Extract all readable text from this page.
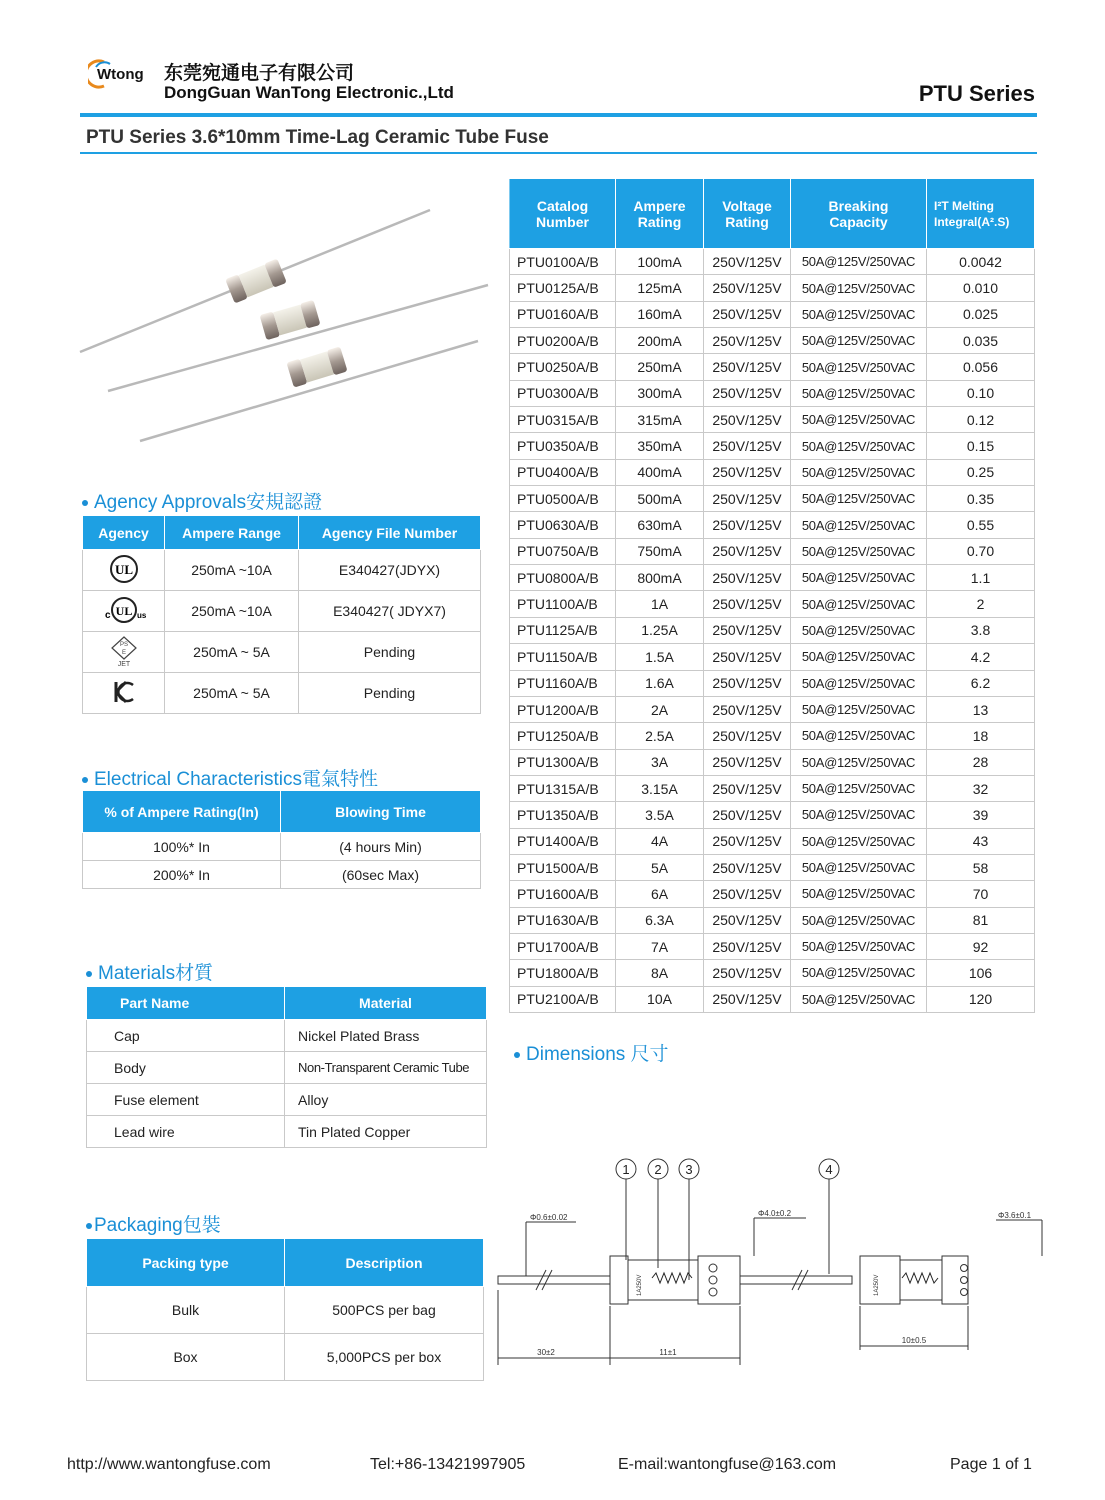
Wtong 东莞宛通电子有限公司
DongGuan WanTong Electronic.,Ltd	PTU Series
PTU Series 3.6*10mm Time-Lag Ceramic Tube Fuse
Catalog Number	Ampere Rating	Voltage Rating	Breaking Capacity	I²T Melting Integral(A².S)
PTU0100A/B	100mA	250V/125V	50A@125V/250VAC	0.0042
PTU0125A/B	125mA	250V/125V	50A@125V/250VAC	0.010
PTU0160A/B	160mA	250V/125V	50A@125V/250VAC	0.025
PTU0200A/B	200mA	250V/125V	50A@125V/250VAC	0.035
PTU0250A/B	250mA	250V/125V	50A@125V/250VAC	0.056
PTU0300A/B	300mA	250V/125V	50A@125V/250VAC	0.10
PTU0315A/B	315mA	250V/125V	50A@125V/250VAC	0.12
PTU0350A/B	350mA	250V/125V	50A@125V/250VAC	0.15
PTU0400A/B	400mA	250V/125V	50A@125V/250VAC	0.25
PTU0500A/B	500mA	250V/125V	50A@125V/250VAC	0.35
PTU0630A/B	630mA	250V/125V	50A@125V/250VAC	0.55
PTU0750A/B	750mA	250V/125V	50A@125V/250VAC	0.70
PTU0800A/B	800mA	250V/125V	50A@125V/250VAC	1.1
PTU1100A/B	1A	250V/125V	50A@125V/250VAC	2
PTU1125A/B	1.25A	250V/125V	50A@125V/250VAC	3.8
PTU1150A/B	1.5A	250V/125V	50A@125V/250VAC	4.2
PTU1160A/B	1.6A	250V/125V	50A@125V/250VAC	6.2
PTU1200A/B	2A	250V/125V	50A@125V/250VAC	13
PTU1250A/B	2.5A	250V/125V	50A@125V/250VAC	18
PTU1300A/B	3A	250V/125V	50A@125V/250VAC	28
PTU1315A/B	3.15A	250V/125V	50A@125V/250VAC	32
PTU1350A/B	3.5A	250V/125V	50A@125V/250VAC	39
PTU1400A/B	4A	250V/125V	50A@125V/250VAC	43
PTU1500A/B	5A	250V/125V	50A@125V/250VAC	58
PTU1600A/B	6A	250V/125V	50A@125V/250VAC	70
PTU1630A/B	6.3A	250V/125V	50A@125V/250VAC	81
PTU1700A/B	7A	250V/125V	50A@125V/250VAC	92
PTU1800A/B	8A	250V/125V	50A@125V/250VAC	106
PTU2100A/B	10A	250V/125V	50A@125V/250VAC	120
Agency Approvals安規認證
Agency	Ampere Range	Agency File Number

UL	250mA ~10A	E340427(JDYX)

c UL us	250mA ~10A	E340427( JDYX7)

PS
E
JET	250mA ~ 5A	Pending
	250mA ~ 5A	Pending
Electrical Characteristics電氣特性
% of Ampere Rating(In)	Blowing Time
100%* In	(4 hours Min)
200%* In	(60sec Max)
Materials材質
Part Name	Material
Cap	Nickel Plated Brass
Body	Non-Transparent Ceramic Tube
Fuse element	Alloy
Lead wire	Tin Plated Copper
Packaging包裝
Packing type	Description
Bulk	500PCS per bag
Box	5,000PCS per box
Dimensions 尺寸
1 2 3	4
Φ0.6±0.02	Φ4.0±0.2	Φ3.6±0.1
30±2	11±1
10±0.5
1A250V	1A250V
http://www.wantongfuse.com	Tel:+86-13421997905	E-mail:wantongfuse@163.com	Page 1 of 1
